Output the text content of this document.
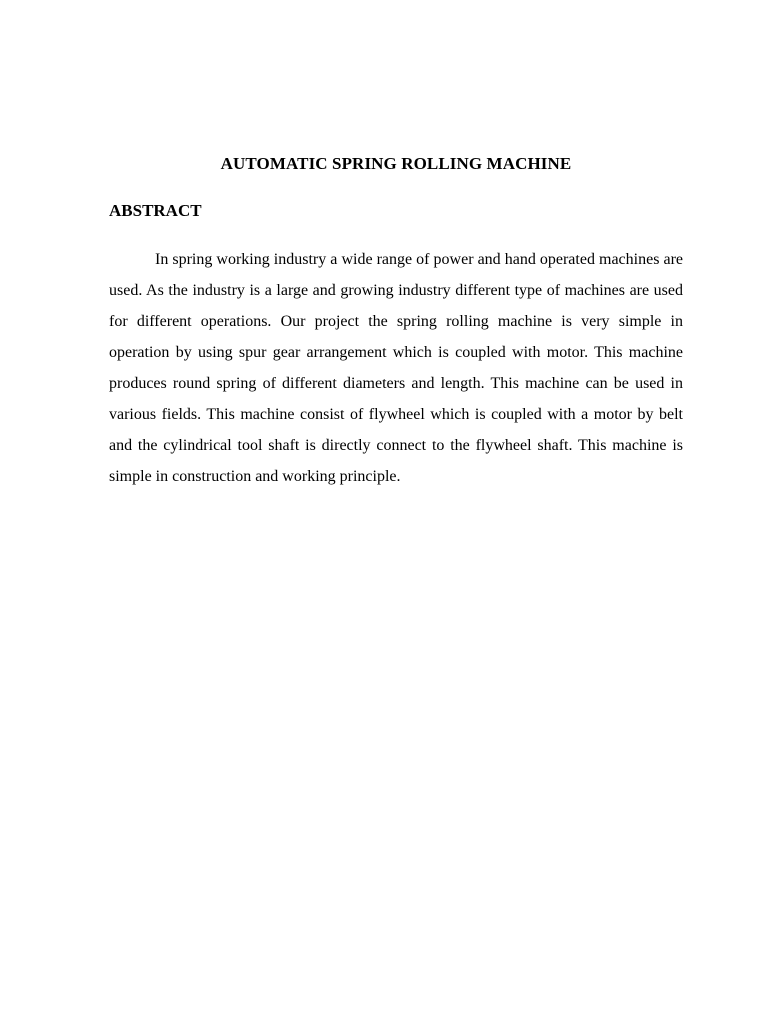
AUTOMATIC SPRING ROLLING MACHINE
ABSTRACT

In spring working industry a wide range of power and hand operated machines are used. As the industry is a large and growing industry different type of machines are used for different operations. Our project the spring rolling machine is very simple in operation by using spur gear arrangement which is coupled with motor. This machine produces round spring of different diameters and length. This machine can be used in various fields. This machine consist of flywheel which is coupled with a motor by belt and the cylindrical tool shaft is directly connect to the flywheel shaft. This machine is simple in construction and working principle.
